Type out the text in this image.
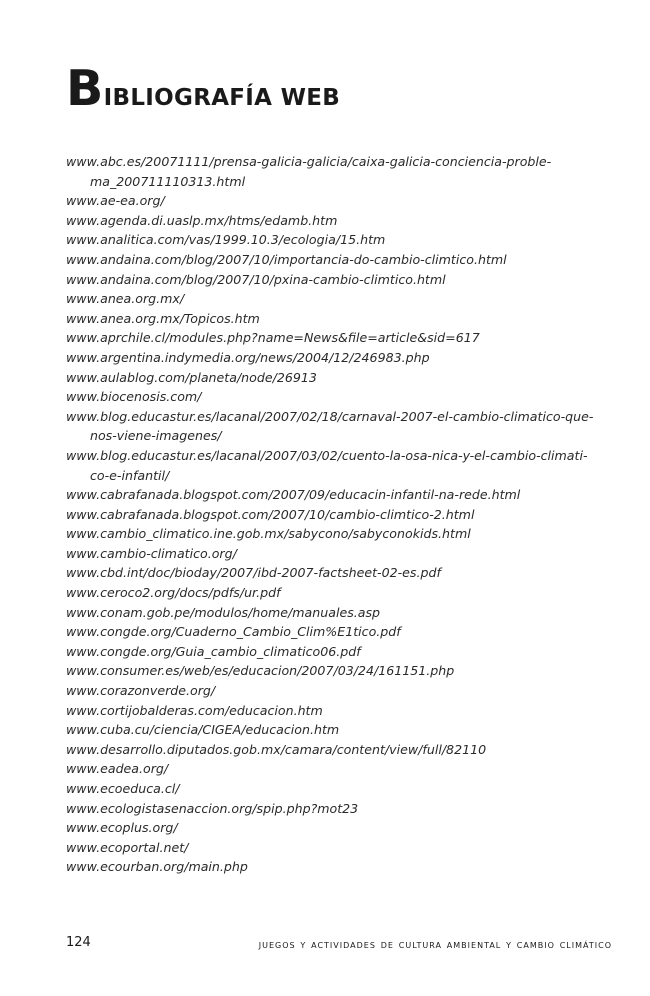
BIBLIOGRAFÍA WEB
www.abc.es/20071111/prensa-galicia-galicia/caixa-galicia-conciencia-proble-
ma_200711110313.html
www.ae-ea.org/
www.agenda.di.uaslp.mx/htms/edamb.htm
www.analitica.com/vas/1999.10.3/ecologia/15.htm
www.andaina.com/blog/2007/10/importancia-do-cambio-climtico.html
www.andaina.com/blog/2007/10/pxina-cambio-climtico.html
www.anea.org.mx/
www.anea.org.mx/Topicos.htm
www.aprchile.cl/modules.php?name=News&file=article&sid=617
www.argentina.indymedia.org/news/2004/12/246983.php
www.aulablog.com/planeta/node/26913
www.biocenosis.com/
www.blog.educastur.es/lacanal/2007/02/18/carnaval-2007-el-cambio-climatico-que-
nos-viene-imagenes/
www.blog.educastur.es/lacanal/2007/03/02/cuento-la-osa-nica-y-el-cambio-climati-
co-e-infantil/
www.cabrafanada.blogspot.com/2007/09/educacin-infantil-na-rede.html
www.cabrafanada.blogspot.com/2007/10/cambio-climtico-2.html
www.cambio_climatico.ine.gob.mx/sabycono/sabyconokids.html
www.cambio-climatico.org/
www.cbd.int/doc/bioday/2007/ibd-2007-factsheet-02-es.pdf
www.ceroco2.org/docs/pdfs/ur.pdf
www.conam.gob.pe/modulos/home/manuales.asp
www.congde.org/Cuaderno_Cambio_Clim%E1tico.pdf
www.congde.org/Guia_cambio_climatico06.pdf
www.consumer.es/web/es/educacion/2007/03/24/161151.php
www.corazonverde.org/
www.cortijobalderas.com/educacion.htm
www.cuba.cu/ciencia/CIGEA/educacion.htm
www.desarrollo.diputados.gob.mx/camara/content/view/full/82110
www.eadea.org/
www.ecoeduca.cl/
www.ecologistasenaccion.org/spip.php?mot23
www.ecoplus.org/
www.ecoportal.net/
www.ecourban.org/main.php
124	juegos y actividades de cultura ambiental y cambio climático
